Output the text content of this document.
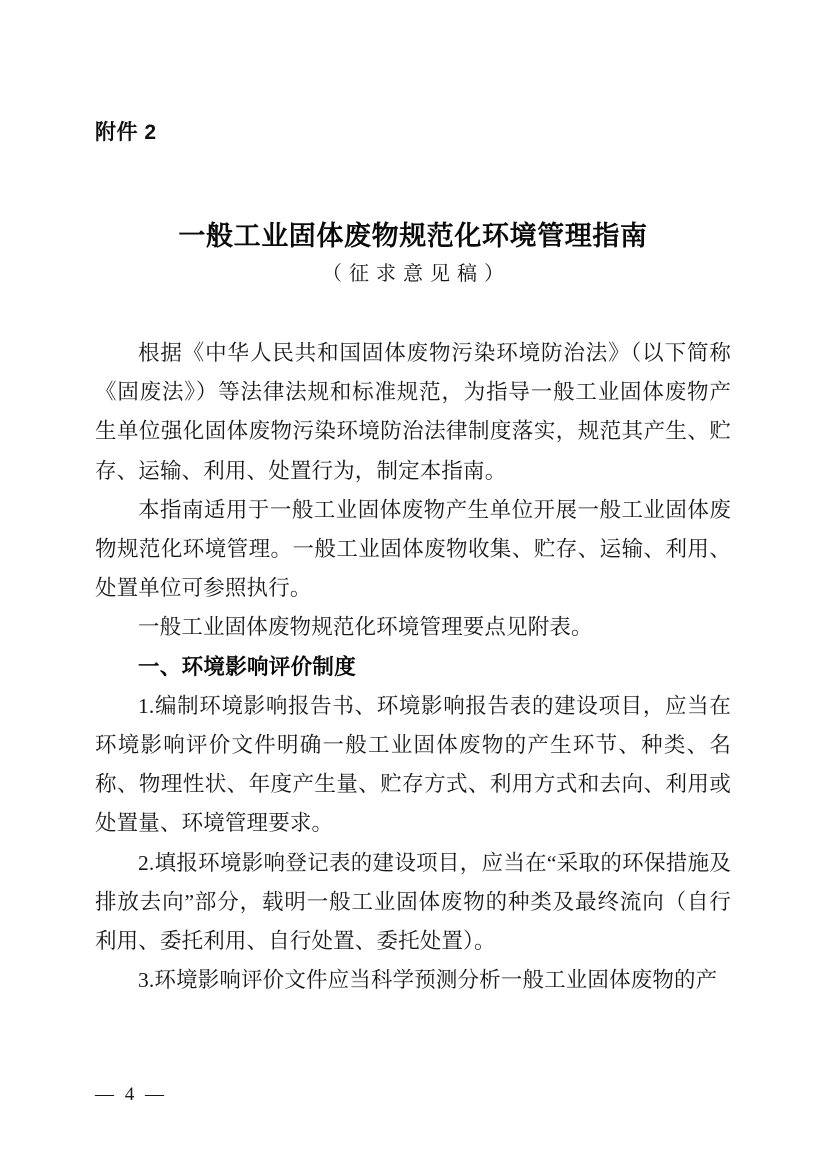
附件 2
一般工业固体废物规范化环境管理指南
（征求意见稿）

根据《中华人民共和国固体废物污染环境防治法》（以下简称《固废法》）等法律法规和标准规范，为指导一般工业固体废物产生单位强化固体废物污染环境防治法律制度落实，规范其产生、贮存、运输、利用、处置行为，制定本指南。

本指南适用于一般工业固体废物产生单位开展一般工业固体废物规范化环境管理。一般工业固体废物收集、贮存、运输、利用、处置单位可参照执行。

一般工业固体废物规范化环境管理要点见附表。

一、环境影响评价制度

1.编制环境影响报告书、环境影响报告表的建设项目，应当在环境影响评价文件明确一般工业固体废物的产生环节、种类、名称、物理性状、年度产生量、贮存方式、利用方式和去向、利用或处置量、环境管理要求。

2.填报环境影响登记表的建设项目，应当在“采取的环保措施及排放去向”部分，载明一般工业固体废物的种类及最终流向（自行利用、委托利用、自行处置、委托处置）。

3.环境影响评价文件应当科学预测分析一般工业固体废物的产

— 4 —
